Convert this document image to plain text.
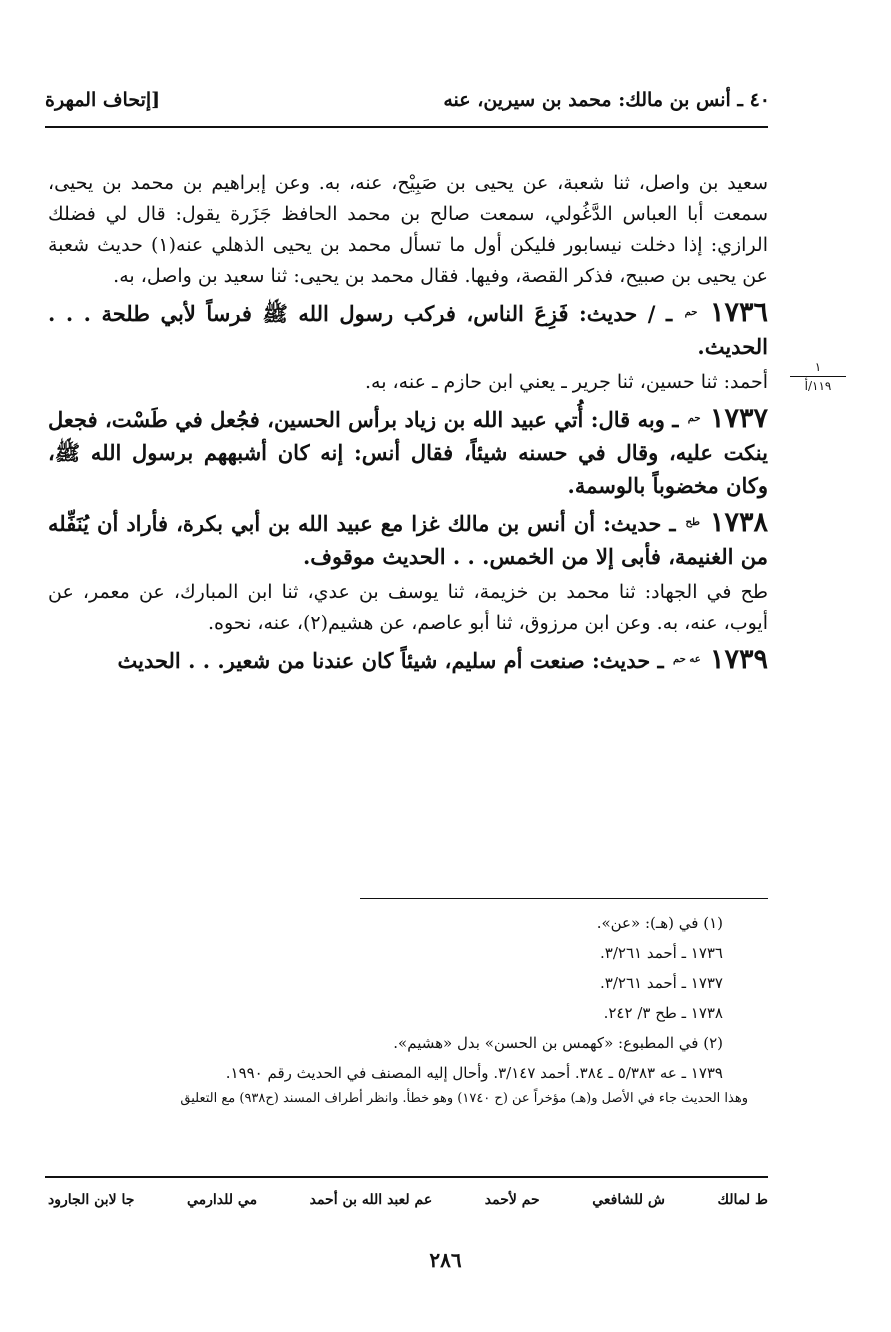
٤٠ ـ أنس بن مالك: محمد بن سيرين، عنه
[إتحاف المهرة
١
١١٩/أ

سعيد بن واصل، ثنا شعبة، عن يحيى بن صَبِيْح، عنه، به. وعن إبراهيم بن محمد بن يحيى، سمعت أبا العباس الدَّغُولي، سمعت صالح بن محمد الحافظ جَزَرة يقول: قال لي فضلك الرازي: إذا دخلت نيسابور فليكن أول ما تسأل محمد بن يحيى الذهلي عنه(١) حديث شعبة عن يحيى بن صبيح، فذكر القصة، وفيها. فقال محمد بن يحيى: ثنا سعيد بن واصل، به.

١٧٣٦ حم ـ / حديث: فَزِعَ الناس، فركب رسول الله ﷺ فرساً لأبي طلحة . . . الحديث.

أحمد: ثنا حسين، ثنا جرير ـ يعني ابن حازم ـ عنه، به.

١٧٣٧ حم ـ وبه قال: أُتي عبيد الله بن زياد برأس الحسين، فجُعل في طَسْت، فجعل ينكت عليه، وقال في حسنه شيئاً، فقال أنس: إنه كان أشبههم برسول الله ﷺ، وكان مخضوباً بالوسمة.

١٧٣٨ طح ـ حديث: أن أنس بن مالك غزا مع عبيد الله بن أبي بكرة، فأراد أن يُنَفِّله من الغنيمة، فأبى إلا من الخمس. . . الحديث موقوف.

طح في الجهاد: ثنا محمد بن خزيمة، ثنا يوسف بن عدي، ثنا ابن المبارك، عن معمر، عن أيوب، عنه، به. وعن ابن مرزوق، ثنا أبو عاصم، عن هشيم(٢)، عنه، نحوه.

١٧٣٩ عه حم ـ حديث: صنعت أم سليم، شيئاً كان عندنا من شعير. . . الحديث

(١) في (هـ): «عن».

١٧٣٦ ـ أحمد ٣/٢٦١.

١٧٣٧ ـ أحمد ٣/٢٦١.

١٧٣٨ ـ طح ٣/ ٢٤٢.

(٢) في المطبوع: «كهمس بن الحسن» بدل «هشيم».

١٧٣٩ ـ عه ٥/٣٨٣ ـ ٣٨٤. أحمد ٣/١٤٧. وأحال إليه المصنف في الحديث رقم ١٩٩٠.

وهذا الحديث جاء في الأصل و(هـ) مؤخراً عن (ح ١٧٤٠) وهو خطأ. وانظر أطراف المسند (ح٩٣٨) مع التعليق

ط لمالك
ش للشافعي
حم لأحمد
عم لعبد الله بن أحمد
مي للدارمي
جا لابن الجارود
٢٨٦
